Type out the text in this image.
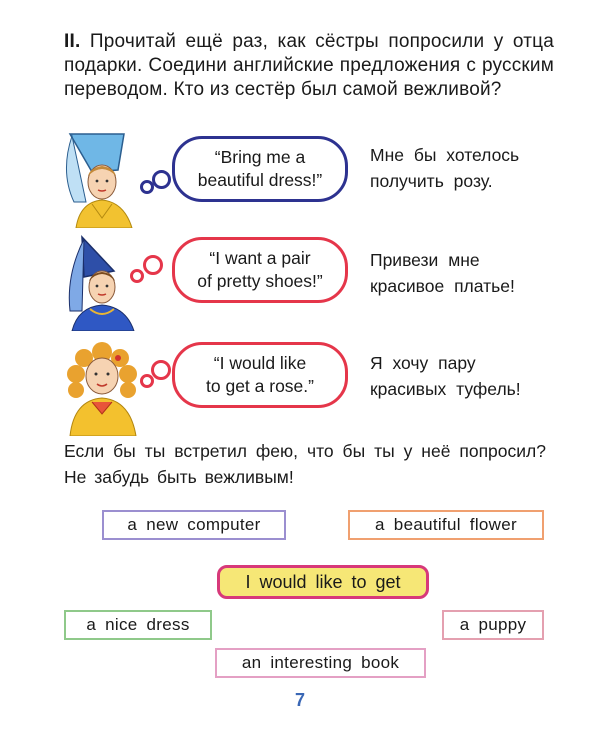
II. Прочитай ещё раз, как сёстры попросили у отца подарки. Соедини английские предложения с русским переводом. Кто из сестёр был самой вежливой?
“Bring me a
beautiful dress!”
Мне бы хотелось
получить розу.
“I want a pair
of pretty shoes!”
Привези мне
красивое платье!
“I would like
to get a rose.”
Я хочу пару
красивых туфель!
Если бы ты встретил фею, что бы ты у неё попросил? Не забудь быть вежливым!
a new computer	a beautiful flower
I would like to get
a nice dress	a puppy
an interesting book
7
